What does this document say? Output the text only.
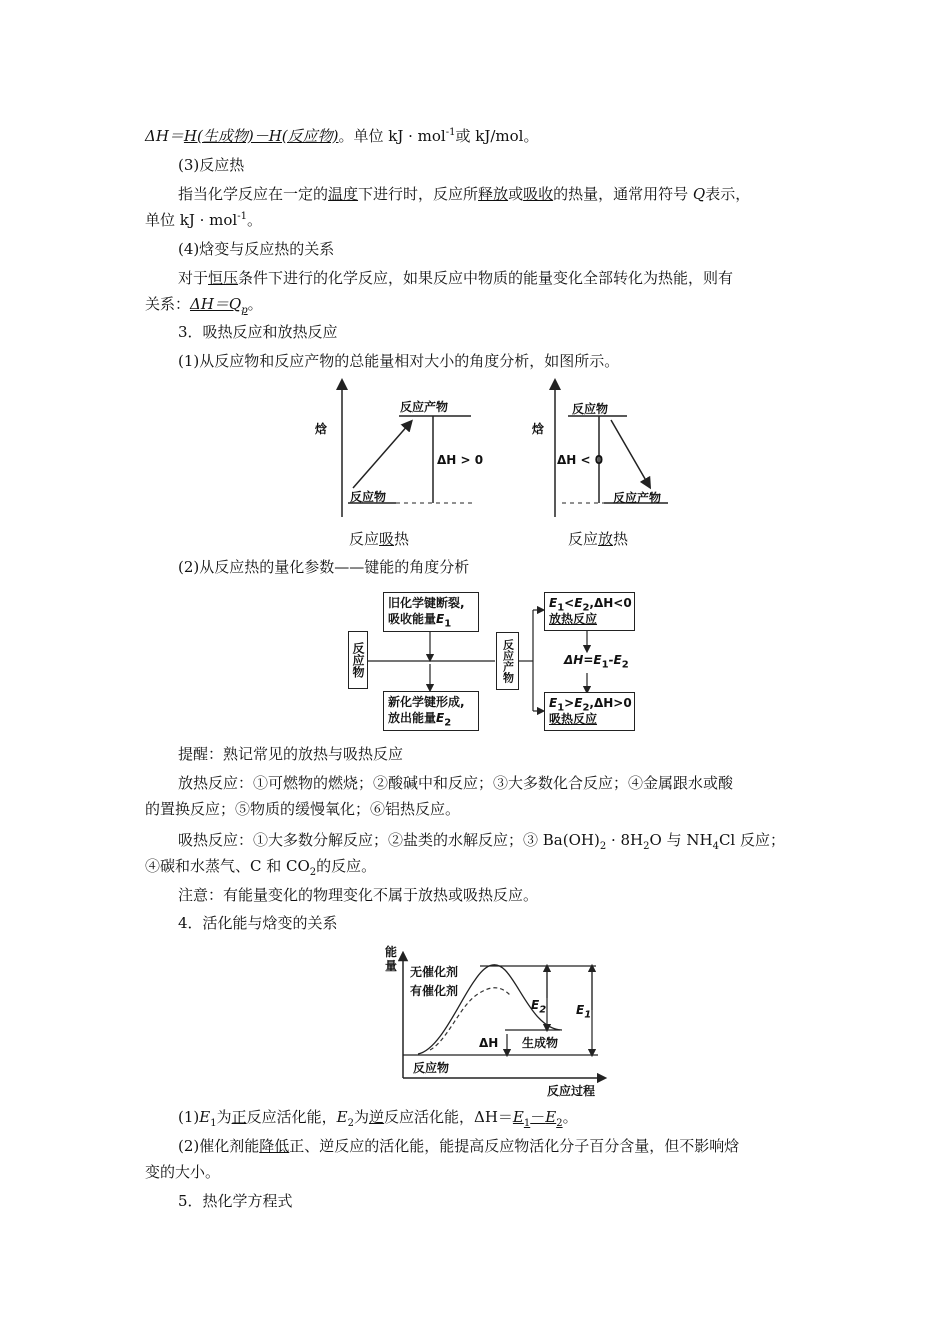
ΔH＝H(生成物)－H(反应物)。单位 kJ · mol$^{-1}$或 kJ/mol。
(3)反应热
指当化学反应在一定的温度下进行时，反应所释放或吸收的热量，通常用符号 Q表示，
单位 kJ · mol$^{-1}$。
(4)焓变与反应热的关系
对于恒压条件下进行的化学反应，如果反应中物质的能量变化全部转化为热能，则有
关系：$\Delta H=Q_p$。
3．吸热反应和放热反应
(1)从反应物和反应产物的总能量相对大小的角度分析，如图所示。
焓
反应产物
ΔH > 0
反应物
焓
反应物
ΔH < 0
反应产物
反应吸热	反应放热
(2)从反应热的量化参数——键能的角度分析
反应物
旧化学键断裂,
吸收能量$E_1$
新化学键形成,
放出能量$E_2$
反应产物
$E_1<E_2,\Delta H<0$
放热反应
$\Delta H=E_1-E_2$
$E_1>E_2,\Delta H>0$
吸热反应
提醒：熟记常见的放热与吸热反应
放热反应：①可燃物的燃烧；②酸碱中和反应；③大多数化合反应；④金属跟水或酸
的置换反应；⑤物质的缓慢氧化；⑥铝热反应。
吸热反应：①大多数分解反应；②盐类的水解反应；③ $Ba(OH)_2 \cdot 8H_2O$ 与 $NH_4Cl$ 反应；
④碳和水蒸气、C 和 $CO_2$的反应。
注意：有能量变化的物理变化不属于放热或吸热反应。
4．活化能与焓变的关系
能量 无催化剂
有催化剂
$E_2$ $E_1$
ΔH 生成物
反应物
反应过程
$(1)E_1$为正反应活化能，$E_2$为逆反应活化能，$\Delta H=E_1-E_2$。
(2)催化剂能降低正、逆反应的活化能，能提高反应物活化分子百分含量，但不影响焓
变的大小。
5．热化学方程式
